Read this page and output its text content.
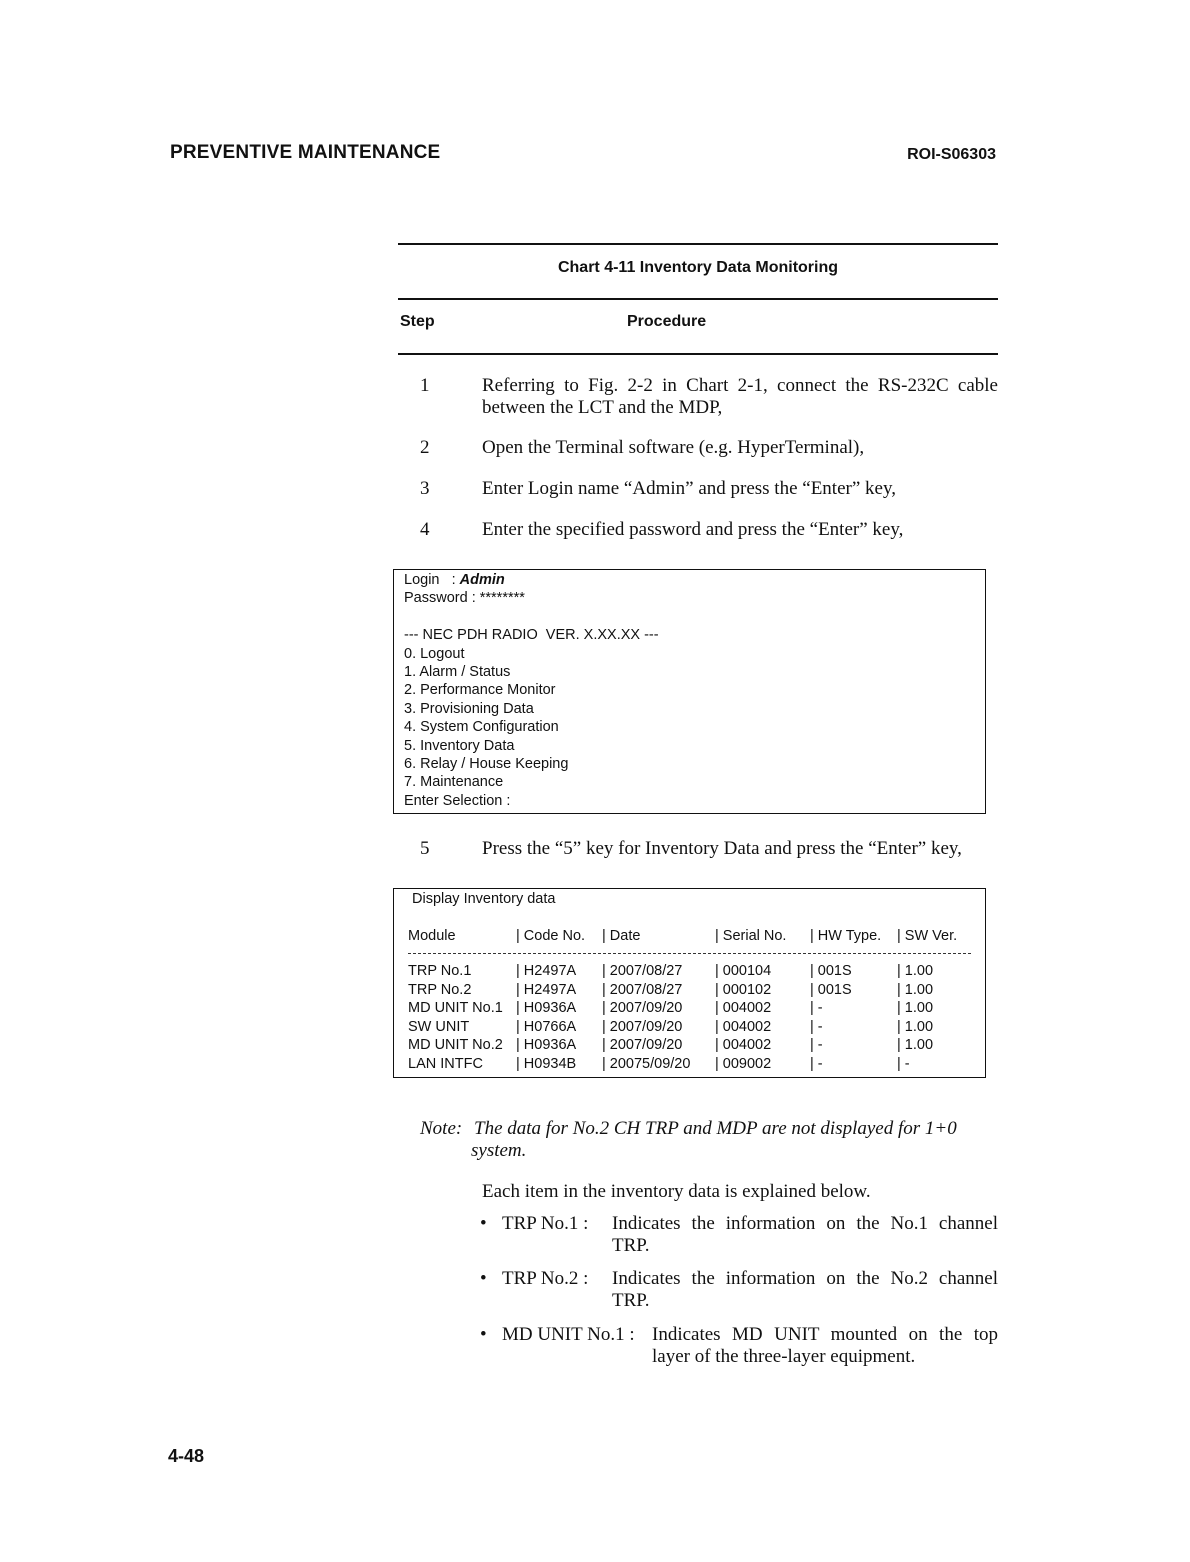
PREVENTIVE MAINTENANCE	ROI-S06303
Chart 4-11 Inventory Data Monitoring
Step	Procedure
1	Referring to Fig. 2-2 in Chart 2-1, connect the RS-232C cable between the LCT and the MDP,
2	Open the Terminal software (e.g. HyperTerminal),
3	Enter Login name “Admin” and press the “Enter” key,
4	Enter the specified password and press the “Enter” key,
Login   : Admin
Password : ********
--- NEC PDH RADIO  VER. X.XX.XX ---
0. Logout
1. Alarm / Status
2. Performance Monitor
3. Provisioning Data
4. System Configuration
5. Inventory Data
6. Relay / House Keeping
7. Maintenance
Enter Selection :
5	Press the “5” key for Inventory Data and press the “Enter” key,
Display Inventory data
Module	| Code No. | Date	| Serial No. | HW Type. | SW Ver.
TRP No.1	| H2497A | 2007/08/27 | 000104	| 001S	| 1.00
TRP No.2	| H2497A | 2007/08/27 | 000102	| 001S	| 1.00
MD UNIT No.1 | H0936A | 2007/09/20 | 004002	| -	| 1.00
SW UNIT	| H0766A | 2007/09/20 | 004002	| -	| 1.00
MD UNIT No.2 | H0936A | 2007/09/20 | 004002	| -	| 1.00
LAN INTFC | H0934B | 20075/09/20 | 009002	| -	| -
Note: The data for No.2 CH TRP and MDP are not displayed for 1+0
system.
Each item in the inventory data is explained below.
• TRP No.1 : Indicates the information on the No.1 channel TRP.
• TRP No.2 : Indicates the information on the No.2 channel TRP.
• MD UNIT No.1 : Indicates MD UNIT mounted on the top layer of the three-layer equipment.
4-48
